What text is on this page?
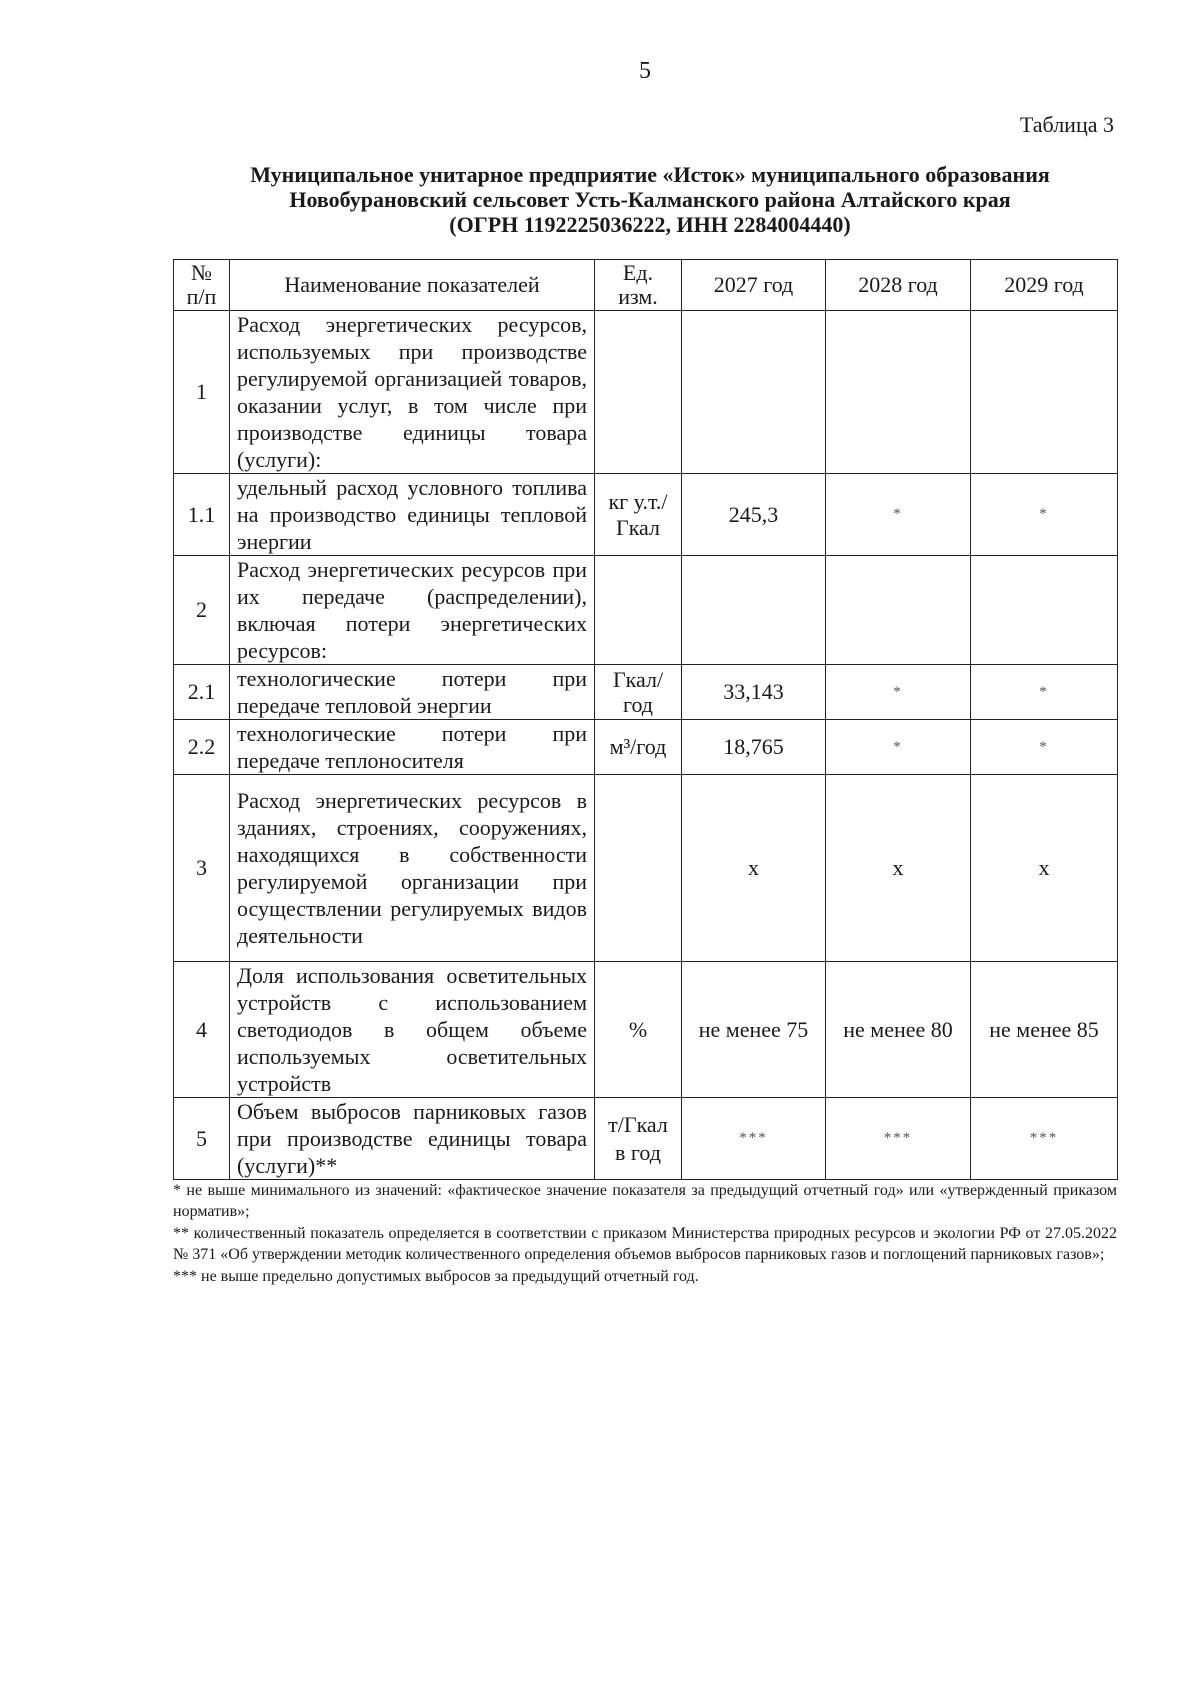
5
Таблица 3
Муниципальное унитарное предприятие «Исток» муниципального образования
Новобурановский сельсовет Усть-Калманского района Алтайского края
(ОГРН 1192225036222, ИНН 2284004440)
№ п/п	Наименование показателей	Ед. изм.	2027 год	2028 год	2029 год
1	Расход энергетических ресурсов, используемых при производстве регулируемой организацией товаров, оказании услуг, в том числе при производстве единицы товара (услуги):				
1.1	удельный расход условного топлива на производство единицы тепловой энергии	кг у.т./ Гкал	245,3	*	*
2	Расход энергетических ресурсов при их передаче (распределении), включая потери энергетических ресурсов:				
2.1	технологические потери при передаче тепловой энергии	Гкал/ год	33,143	*	*
2.2	технологические потери при передаче теплоносителя	м³/год	18,765	*	*
3	Расход энергетических ресурсов в зданиях, строениях, сооружениях, находящихся в собственности регулируемой организации при осуществлении регулируемых видов деятельности		х	х	х
4	Доля использования осветительных устройств с использованием светодиодов в общем объеме используемых осветительных устройств	%	не менее 75	не менее 80	не менее 85
5	Объем выбросов парниковых газов при производстве единицы товара (услуги)**	т/Гкал в год	***	***	***

* не выше минимального из значений: «фактическое значение показателя за предыдущий отчетный год» или «утвержденный приказом норматив»;

** количественный показатель определяется в соответствии с приказом Министерства природных ресурсов и экологии РФ от 27.05.2022 № 371 «Об утверждении методик количественного определения объемов выбросов парниковых газов и поглощений парниковых газов»;

*** не выше предельно допустимых выбросов за предыдущий отчетный год.
